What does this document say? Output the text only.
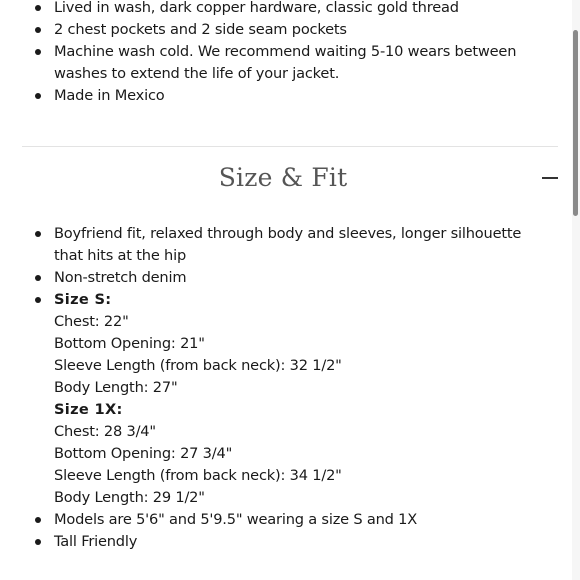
Lived in wash, dark copper hardware, classic gold thread
2 chest pockets and 2 side seam pockets
Machine wash cold. We recommend waiting 5-10 wears between washes to extend the life of your jacket.
Made in Mexico
Size & Fit
Boyfriend fit, relaxed through body and sleeves, longer silhouette that hits at the hip
Non-stretch denim
Size S:
Chest: 22"
Bottom Opening: 21"
Sleeve Length (from back neck): 32 1/2"
Body Length: 27"
Size 1X:
Chest: 28 3/4"
Bottom Opening: 27 3/4"
Sleeve Length (from back neck): 34 1/2"
Body Length: 29 1/2"
Models are 5'6" and 5'9.5" wearing a size S and 1X
Tall Friendly
